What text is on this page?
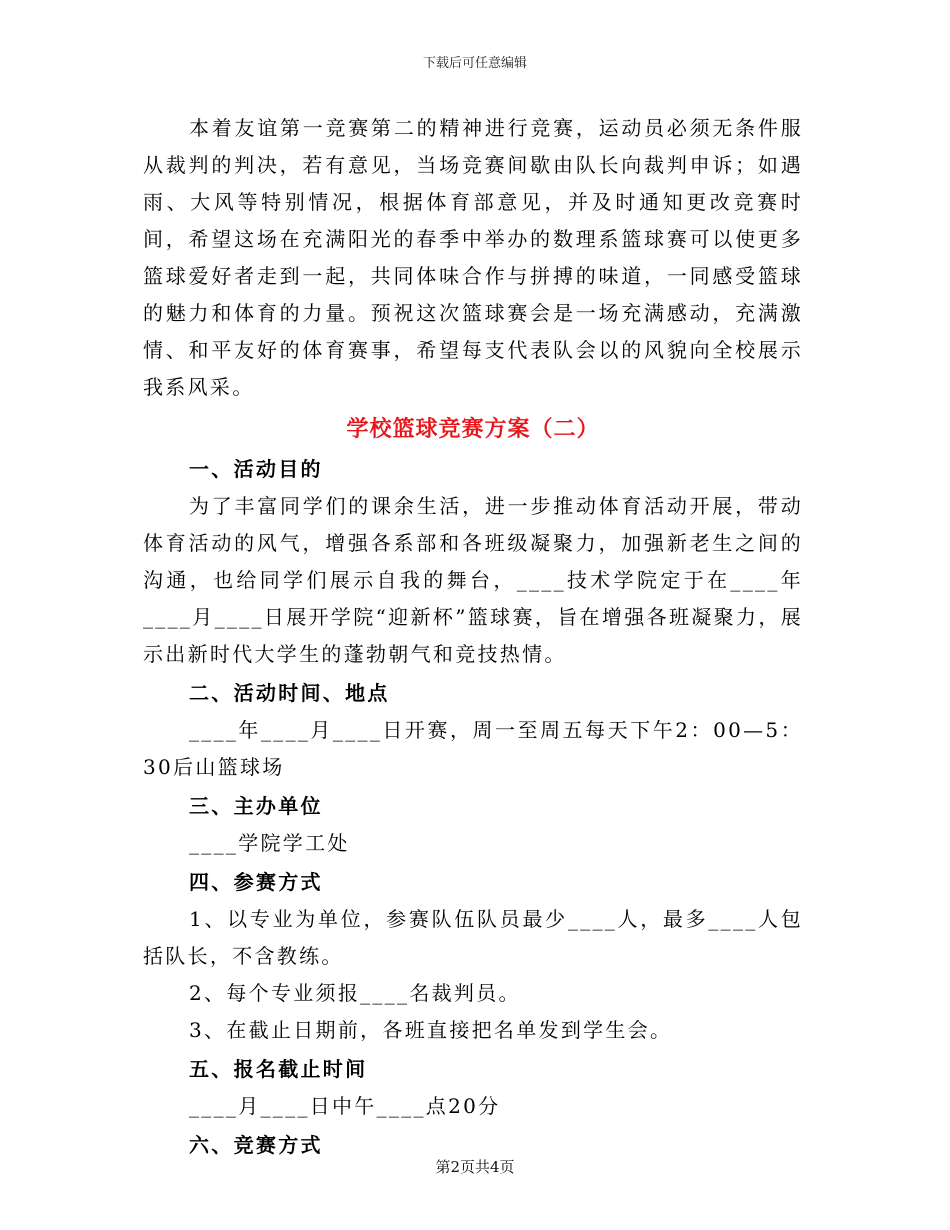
下载后可任意编辑

本着友谊第一竞赛第二的精神进行竞赛，运动员必须无条件服从裁判的判决，若有意见，当场竞赛间歇由队长向裁判申诉；如遇雨、大风等特别情况，根据体育部意见，并及时通知更改竞赛时间，希望这场在充满阳光的春季中举办的数理系篮球赛可以使更多篮球爱好者走到一起，共同体味合作与拼搏的味道，一同感受篮球的魅力和体育的力量。预祝这次篮球赛会是一场充满感动，充满激情、和平友好的体育赛事，希望每支代表队会以的风貌向全校展示我系风采。

学校篮球竞赛方案（二）

一、活动目的

为了丰富同学们的课余生活，进一步推动体育活动开展，带动体育活动的风气，增强各系部和各班级凝聚力，加强新老生之间的沟通，也给同学们展示自我的舞台，____技术学院定于在____年____月____日展开学院“迎新杯”篮球赛，旨在增强各班凝聚力，展示出新时代大学生的蓬勃朝气和竞技热情。

二、活动时间、地点

____年____月____日开赛，周一至周五每天下午2：00—5：30后山篮球场

三、主办单位

____学院学工处

四、参赛方式

1、以专业为单位，参赛队伍队员最少____人，最多____人包括队长，不含教练。

2、每个专业须报____名裁判员。

3、在截止日期前，各班直接把名单发到学生会。

五、报名截止时间

____月____日中午____点20分

六、竞赛方式

第2页共4页
